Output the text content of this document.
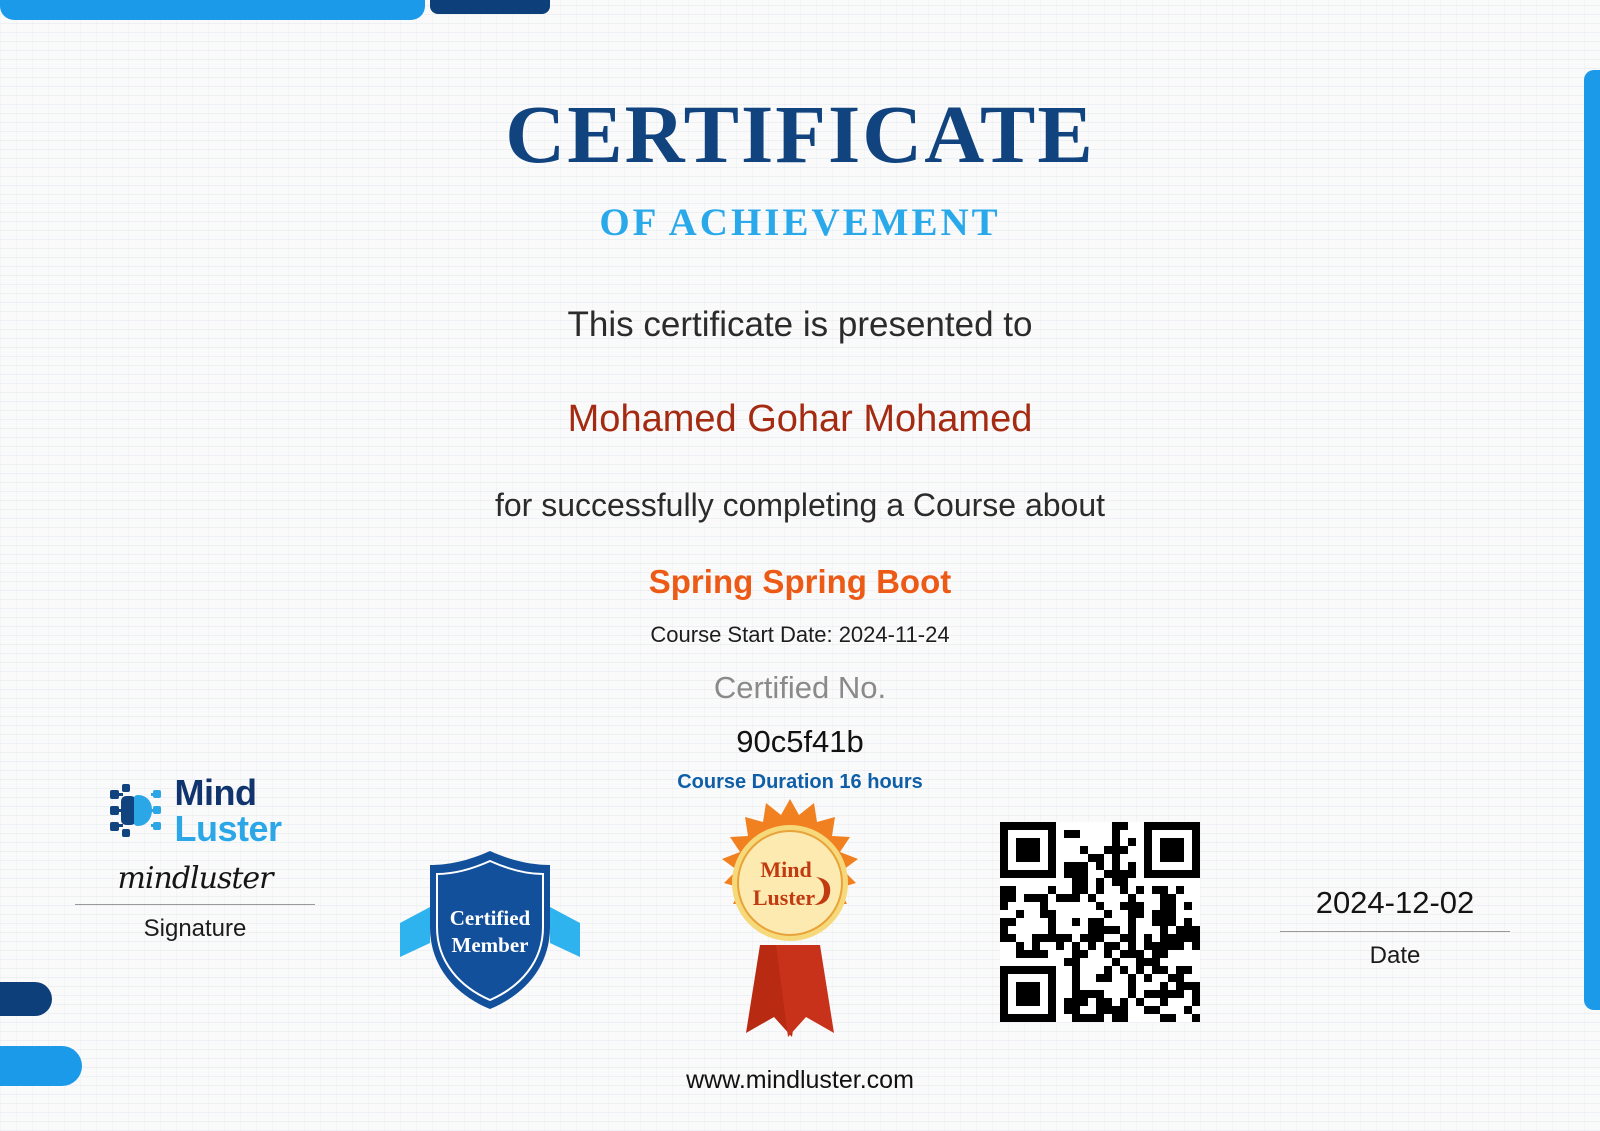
CERTIFICATE
OF ACHIEVEMENT
This certificate is presented to
Mohamed Gohar Mohamed
for successfully completing a Course about
Spring Spring Boot
Course Start Date: 2024-11-24
Certified No.
90c5f41b
Course Duration 16 hours
Mind
Luster
mindluster
Signature	Certified
Member
Mind
Luster	2024-12-02
Date
www.mindluster.com
